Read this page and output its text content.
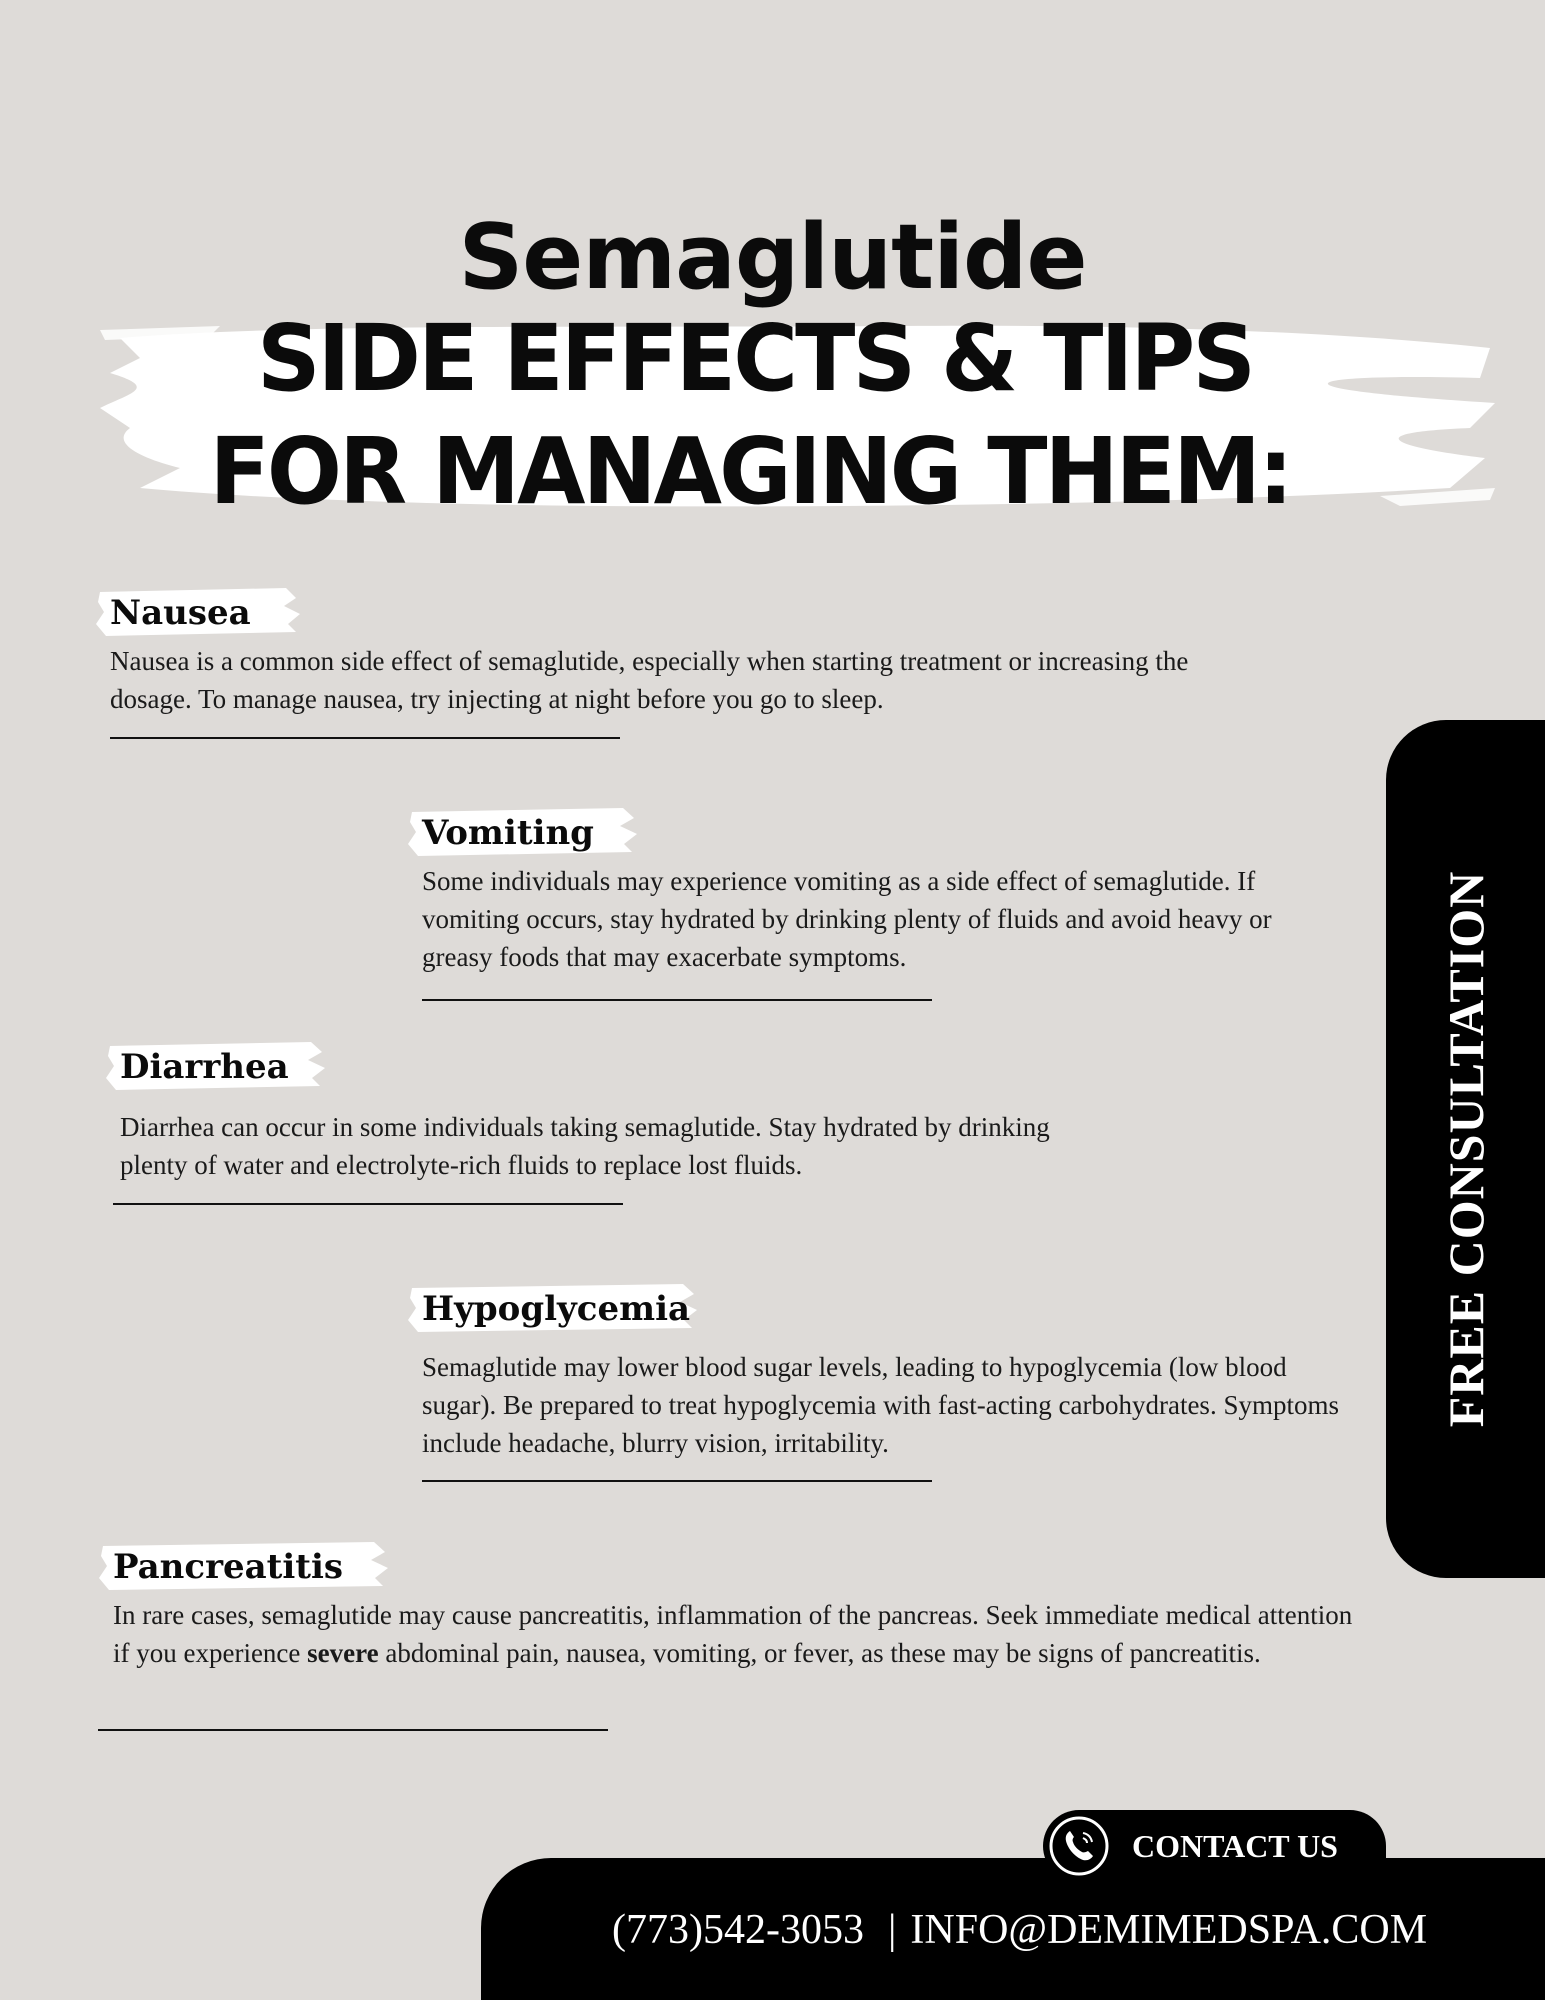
Semaglutide
SIDE EFFECTS & TIPS
FOR MANAGING THEM:
Nausea

Nausea is a common side effect of semaglutide, especially when starting treatment or increasing the dosage. To manage nausea, try injecting at night before you go to sleep.

Vomiting

Some individuals may experience vomiting as a side effect of semaglutide. If vomiting occurs, stay hydrated by drinking plenty of fluids and avoid heavy or greasy foods that may exacerbate symptoms.

Diarrhea

Diarrhea can occur in some individuals taking semaglutide. Stay hydrated by drinking plenty of water and electrolyte-rich fluids to replace lost fluids.

Hypoglycemia

Semaglutide may lower blood sugar levels, leading to hypoglycemia (low blood sugar). Be prepared to treat hypoglycemia with fast-acting carbohydrates. Symptoms include headache, blurry vision, irritability.

Pancreatitis

In rare cases, semaglutide may cause pancreatitis, inflammation of the pancreas. Seek immediate medical attention if you experience severe abdominal pain, nausea, vomiting, or fever, as these may be signs of pancreatitis.

FREE CONSULTATION
CONTACT US
(773)542-3053 | INFO@DEMIMEDSPA.COM
